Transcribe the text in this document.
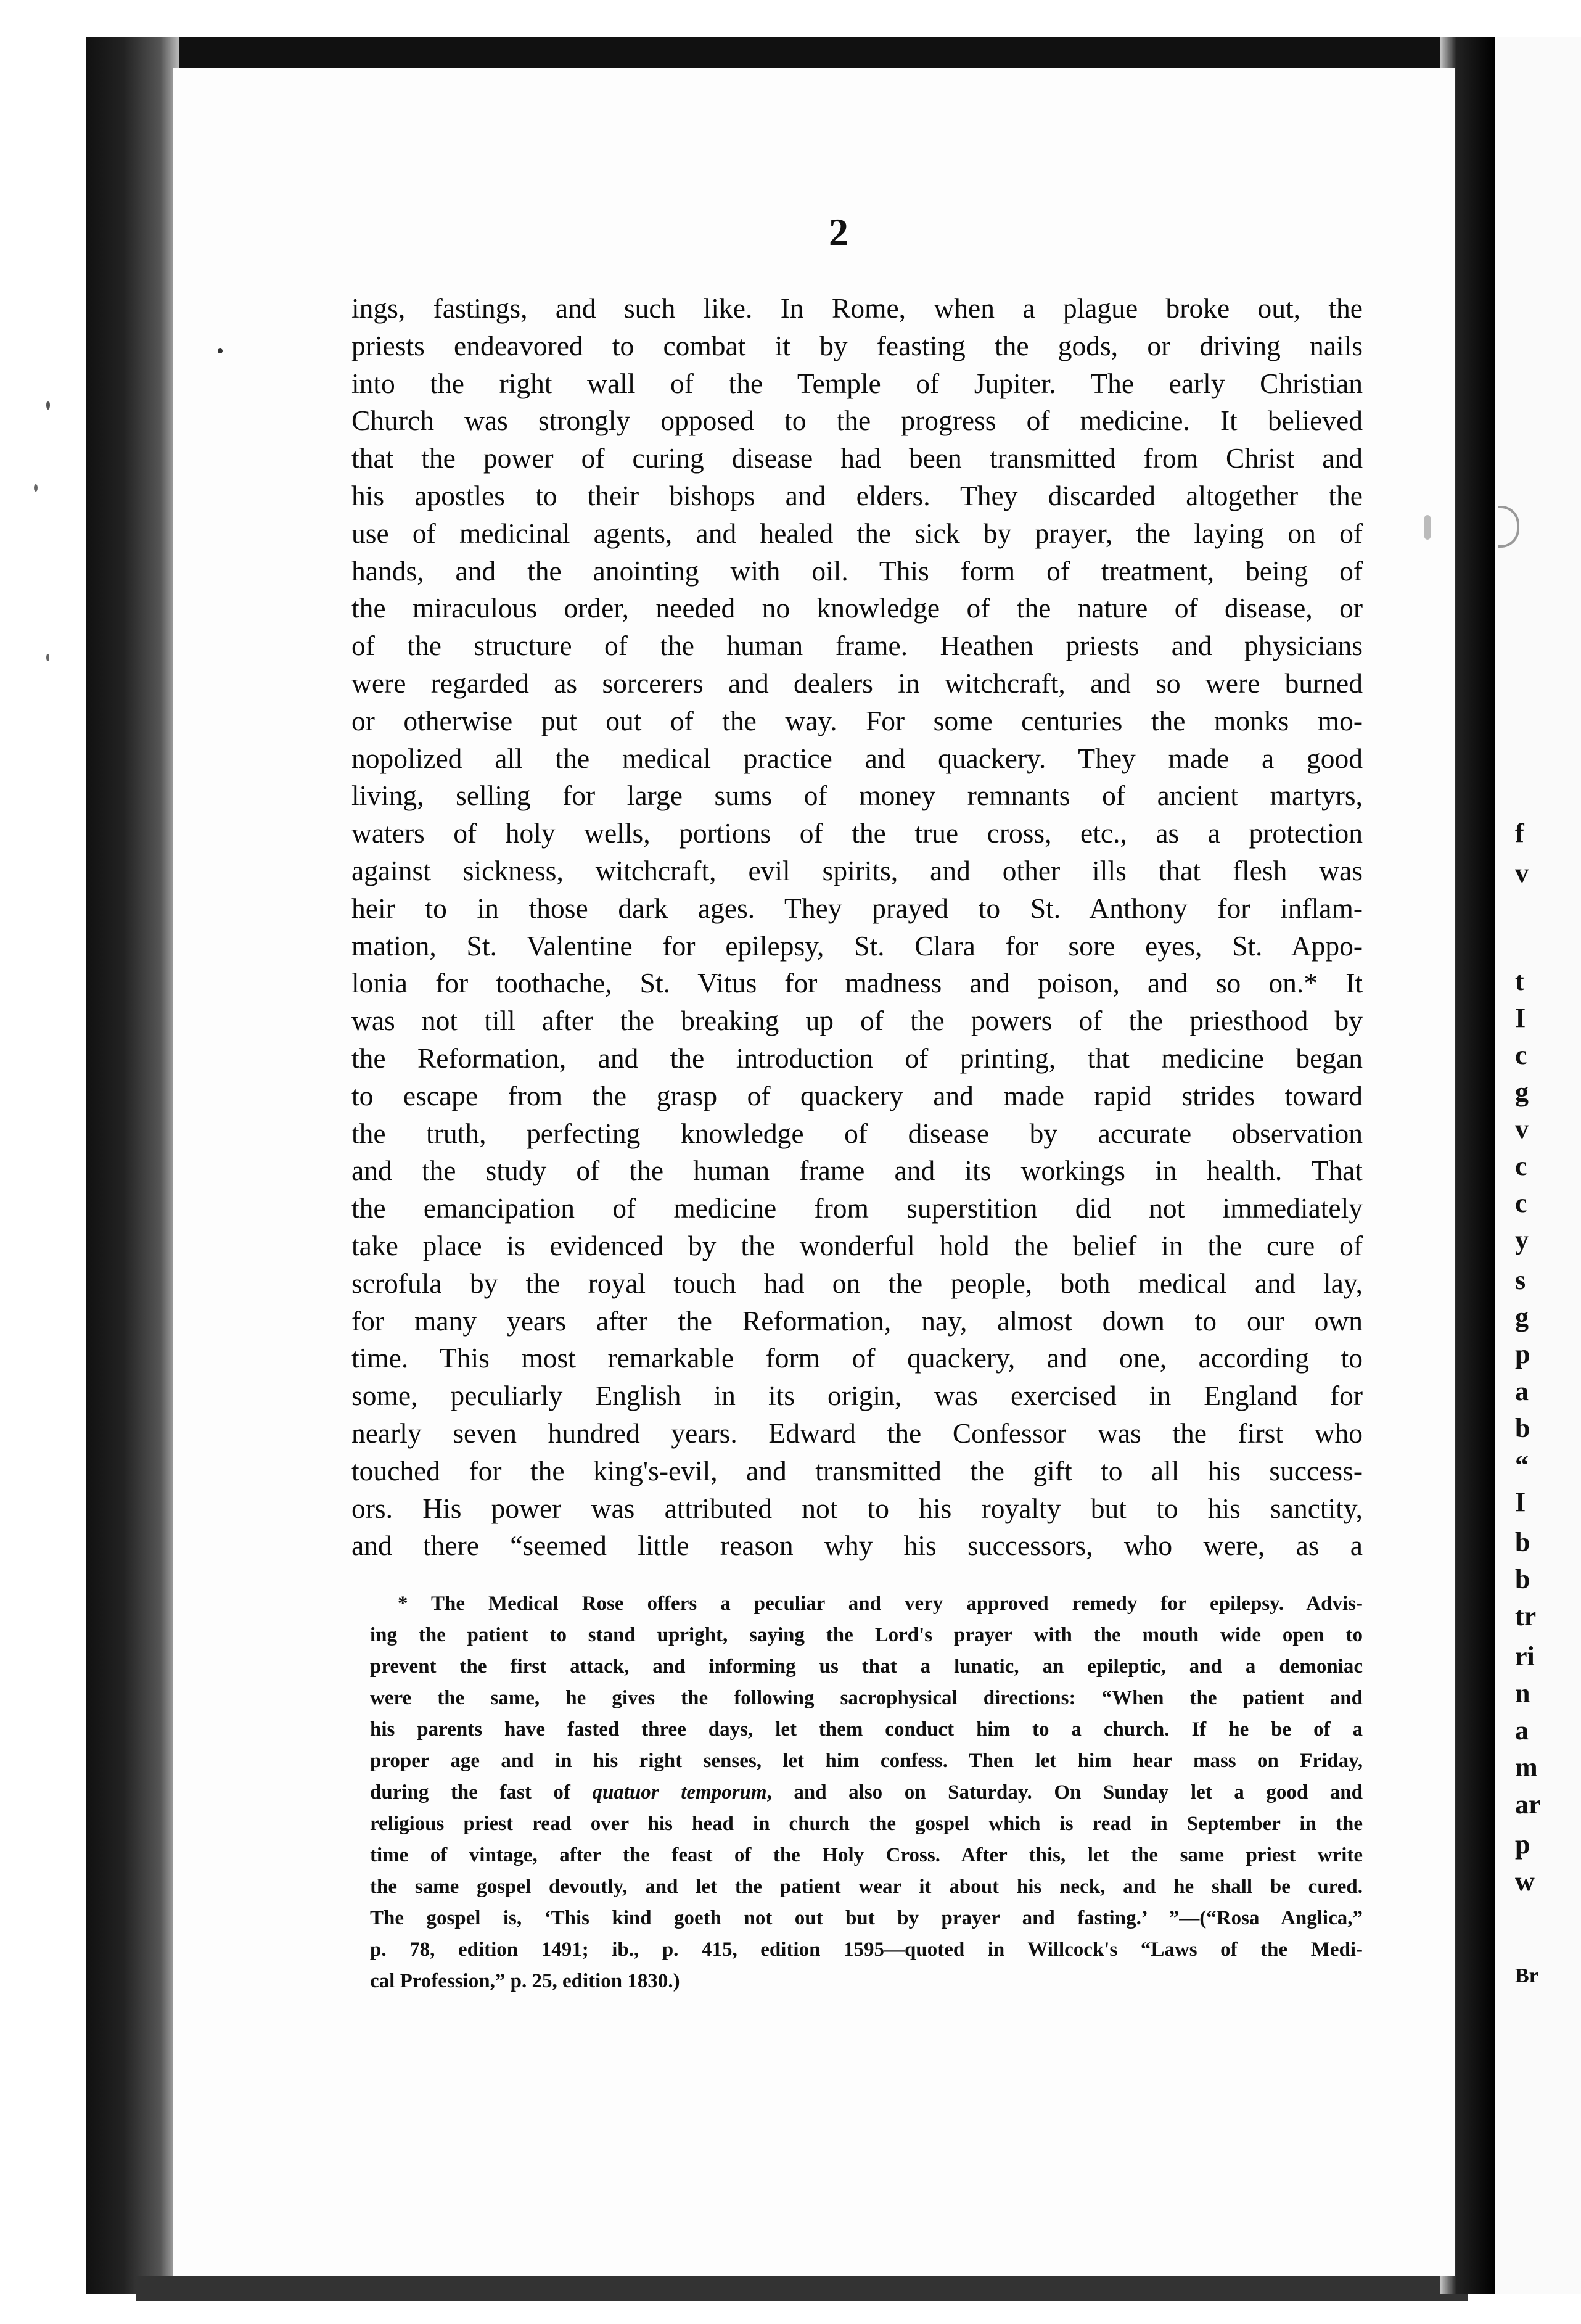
f
v
t
I
c
g
v
c
c
y
s
g
p
a
b
“
I
b
b
tr
ri
n
a
m
ar
p
w
Br
2
ings, fastings, and such like. In Rome, when a plague broke out, the
priests endeavored to combat it by feasting the gods, or driving nails
into the right wall of the Temple of Jupiter. The early Christian
Church was strongly opposed to the progress of medicine. It believed
that the power of curing disease had been transmitted from Christ and
his apostles to their bishops and elders. They discarded altogether the
use of medicinal agents, and healed the sick by prayer, the laying on of
hands, and the anointing with oil. This form of treatment, being of
the miraculous order, needed no knowledge of the nature of disease, or
of the structure of the human frame. Heathen priests and physicians
were regarded as sorcerers and dealers in witchcraft, and so were burned
or otherwise put out of the way. For some centuries the monks mo-
nopolized all the medical practice and quackery. They made a good
living, selling for large sums of money remnants of ancient martyrs,
waters of holy wells, portions of the true cross, etc., as a protection
against sickness, witchcraft, evil spirits, and other ills that flesh was
heir to in those dark ages. They prayed to St. Anthony for inflam-
mation, St. Valentine for epilepsy, St. Clara for sore eyes, St. Appo-
lonia for toothache, St. Vitus for madness and poison, and so on.* It
was not till after the breaking up of the powers of the priesthood by
the Reformation, and the introduction of printing, that medicine began
to escape from the grasp of quackery and made rapid strides toward
the truth, perfecting knowledge of disease by accurate observation
and the study of the human frame and its workings in health. That
the emancipation of medicine from superstition did not immediately
take place is evidenced by the wonderful hold the belief in the cure of
scrofula by the royal touch had on the people, both medical and lay,
for many years after the Reformation, nay, almost down to our own
time. This most remarkable form of quackery, and one, according to
some, peculiarly English in its origin, was exercised in England for
nearly seven hundred years. Edward the Confessor was the first who
touched for the king's-evil, and transmitted the gift to all his success-
ors. His power was attributed not to his royalty but to his sanctity,
and there “seemed little reason why his successors, who were, as a
* The Medical Rose offers a peculiar and very approved remedy for epilepsy. Advis-
ing the patient to stand upright, saying the Lord's prayer with the mouth wide open to
prevent the first attack, and informing us that a lunatic, an epileptic, and a demoniac
were the same, he gives the following sacrophysical directions: “When the patient and
his parents have fasted three days, let them conduct him to a church. If he be of a
proper age and in his right senses, let him confess. Then let him hear mass on Friday,
during the fast of quatuor temporum, and also on Saturday. On Sunday let a good and
religious priest read over his head in church the gospel which is read in September in the
time of vintage, after the feast of the Holy Cross. After this, let the same priest write
the same gospel devoutly, and let the patient wear it about his neck, and he shall be cured.
The gospel is, ‘This kind goeth not out but by prayer and fasting.’ ”—(“Rosa Anglica,”
p. 78, edition 1491; ib., p. 415, edition 1595—quoted in Willcock's “Laws of the Medi-
cal Profession,” p. 25, edition 1830.)
